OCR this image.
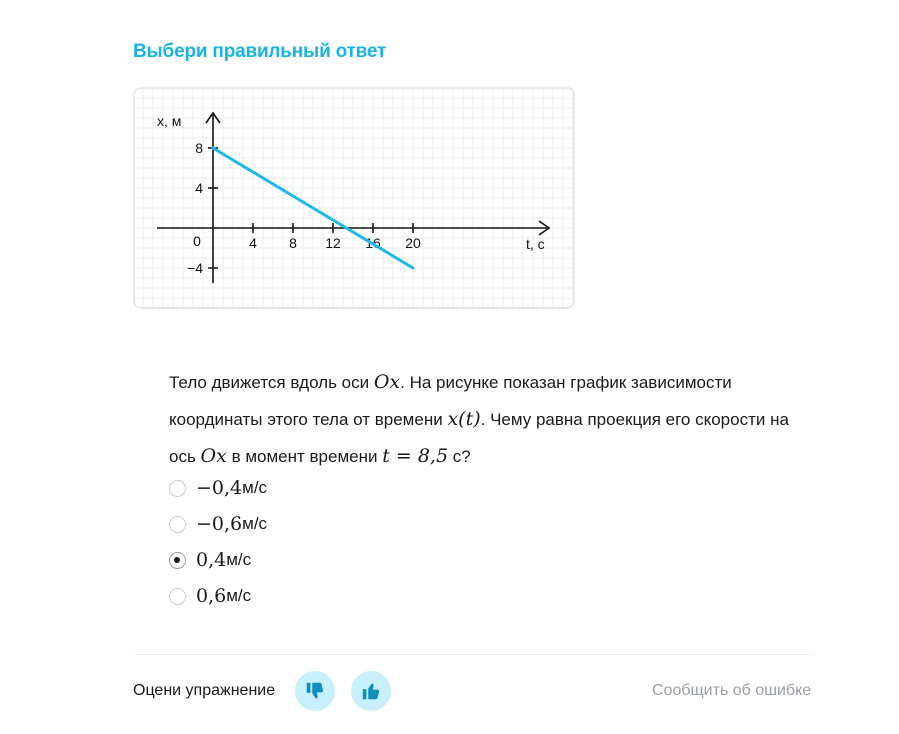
Выбери правильный ответ
x, м
t, c
0	4 8 12 16 20
8
4
−4
Тело движется вдоль оси Ox. На рисунке показан график зависимости координаты этого тела от времени x(t). Чему равна проекция его скорости на ось Ox в момент времени t = 8,5 с?
−0,4 м/с
−0,6 м/с
0,4 м/с
0,6 м/с
Оцени упражнение	Сообщить об ошибке
